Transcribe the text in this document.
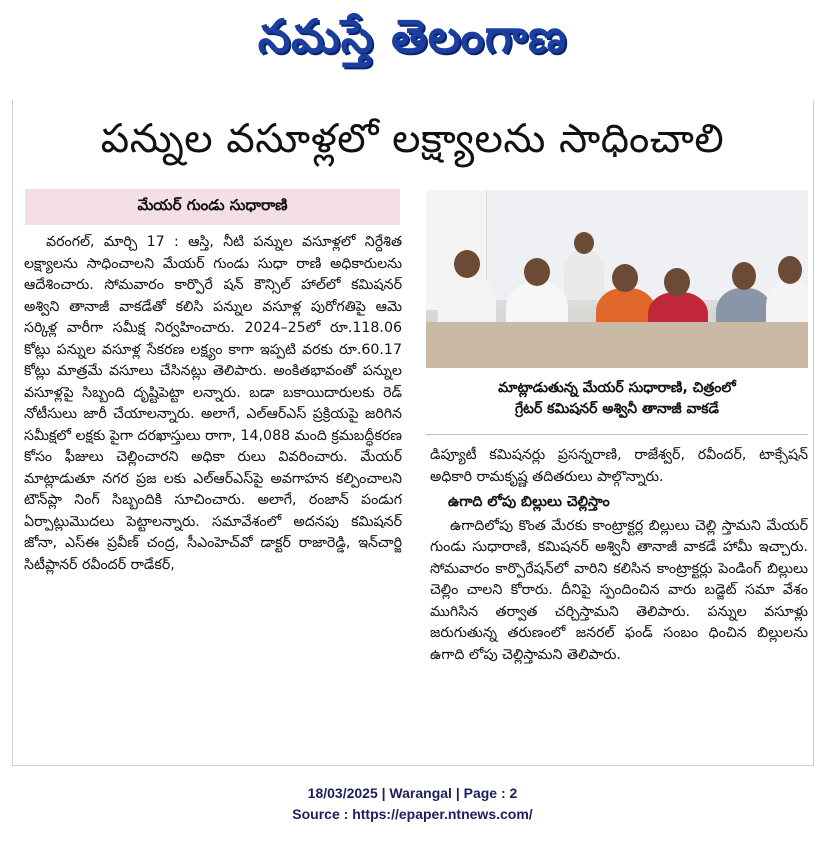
నమస్తే తెలంగాణ
పన్నుల వసూళ్లలో లక్ష్యాలను సాధించాలి
మేయర్ గుండు సుధారాణి

వరంగల్, మార్చి 17 : ఆస్తి, నీటి పన్నుల వసూళ్లలో నిర్దేశిత లక్ష్యాలను సాధించాలని మేయర్ గుండు సుధా రాణి అధికారులను ఆదేశించారు. సోమవారం కార్పొరే షన్ కౌన్సిల్ హాల్‌లో కమిషనర్ అశ్విని తానాజీ వాకడేతో కలిసి పన్నుల వసూళ్ల పురోగతిపై ఆమె సర్కిళ్ల వారీగా సమీక్ష నిర్వహించారు. 2024–25లో రూ.118.06 కోట్లు పన్నుల వసూళ్ల సేకరణ లక్ష్యం కాగా ఇప్పటి వరకు రూ.60.17 కోట్లు మాత్రమే వసూలు చేసినట్లు తెలిపారు. అంకితభావంతో పన్నుల వసూళ్లపై సిబ్బంది దృష్టిపెట్టా లన్నారు. బడా బకాయిదారులకు రెడ్ నోటీసులు జారీ చేయాలన్నారు. అలాగే, ఎల్‌ఆర్‌ఎస్ ప్రక్రియపై జరిగిన సమీక్షలో లక్షకు పైగా దరఖాస్తులు రాగా, 14,088 మంది క్రమబద్ధీకరణ కోసం ఫీజులు చెల్లించారని అధికా రులు వివరించారు. మేయర్ మాట్లాడుతూ నగర ప్రజ లకు ఎల్‌ఆర్‌ఎస్‌పై అవగాహన కల్పించాలని టౌన్‌ప్లా నింగ్ సిబ్బందికి సూచించారు. అలాగే, రంజాన్ పండుగ ఏర్పాట్లుమొదలు పెట్టాలన్నారు. సమావేశంలో అదనపు కమిషనర్ జోనా, ఎస్ఈ ప్రవీణ్ చంద్ర, సీఎంహెచ్‌వో డాక్టర్ రాజారెడ్డి, ఇన్‌చార్జి సిటీప్లానర్ రవీందర్ రాడేకర్,

మాట్లాడుతున్న మేయర్ సుధారాణి, చిత్రంలో
గ్రేటర్ కమిషనర్ అశ్వినీ తానాజీ వాకడే

డిప్యూటీ కమిషనర్లు ప్రసన్నరాణి, రాజేశ్వర్, రవీందర్, టాక్సేషన్ అధికారి రామకృష్ణ తదితరులు పాల్గొన్నారు.

ఉగాది లోపు బిల్లులు చెల్లిస్తాం

ఉగాదిలోపు కొంత మేరకు కాంట్రాక్టర్ల బిల్లులు చెల్లి స్తామని మేయర్ గుండు సుధారాణి, కమిషనర్ అశ్వినీ తానాజీ వాకడే హామీ ఇచ్చారు. సోమవారం కార్పొరేషన్‌లో వారిని కలిసిన కాంట్రాక్టర్లు పెండింగ్ బిల్లులు చెల్లిం చాలని కోరారు. దీనిపై స్పందించిన వారు బడ్జెట్ సమా వేశం ముగిసిన తర్వాత చర్చిస్తామని తెలిపారు. పన్నుల వసూళ్లు జరుగుతున్న తరుణంలో జనరల్ ఫండ్ సంబం ధించిన బిల్లులను ఉగాది లోపు చెల్లిస్తామని తెలిపారు.

18/03/2025 | Warangal | Page : 2
Source : https://epaper.ntnews.com/
